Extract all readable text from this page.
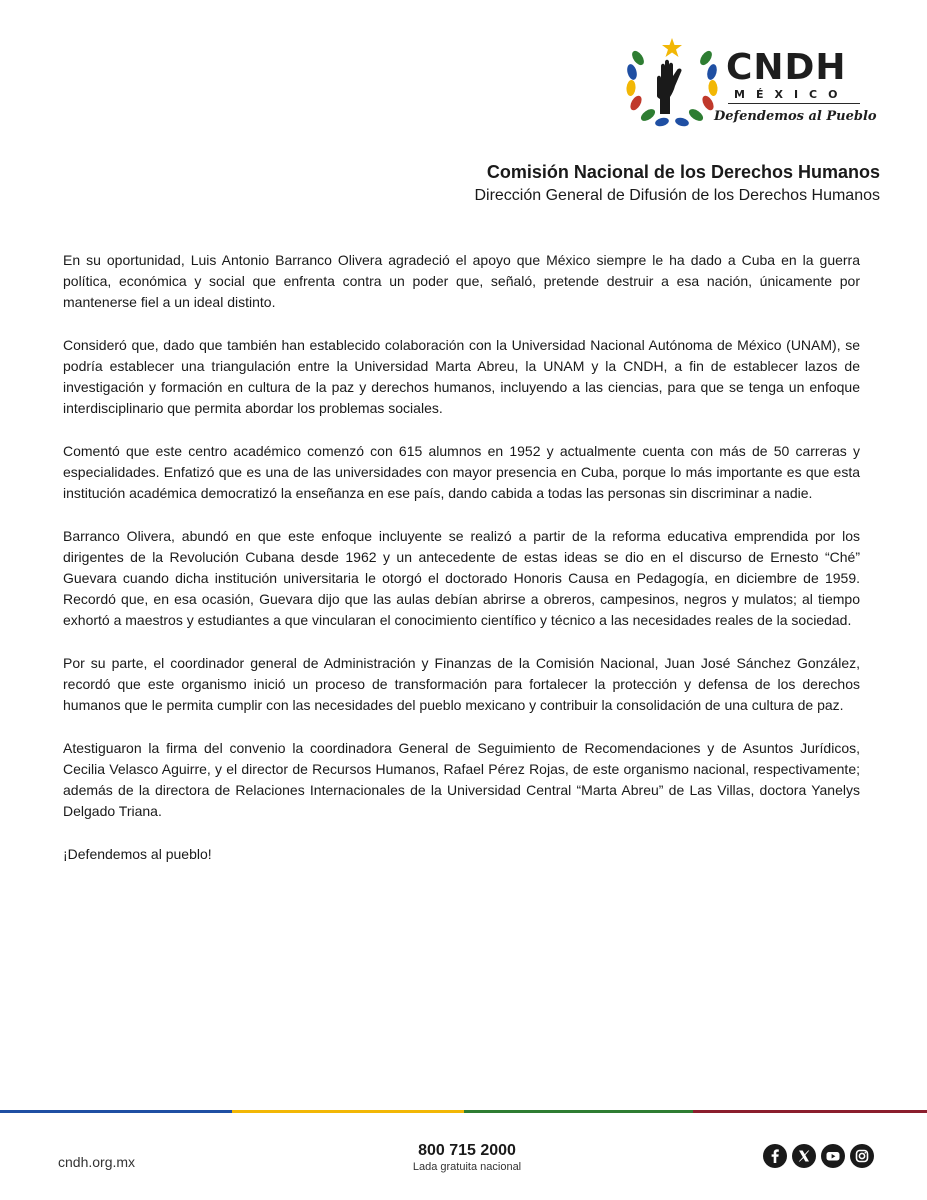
CNDH
MÉXICO
Defendemos al Pueblo
Comisión Nacional de los Derechos Humanos
Dirección General de Difusión de los Derechos Humanos

En su oportunidad, Luis Antonio Barranco Olivera agradeció el apoyo que México siempre le ha dado a Cuba en la guerra política, económica y social que enfrenta contra un poder que, señaló, pretende destruir a esa nación, únicamente por mantenerse fiel a un ideal distinto.

Consideró que, dado que también han establecido colaboración con la Universidad Nacional Autónoma de México (UNAM), se podría establecer una triangulación entre la Universidad Marta Abreu, la UNAM y la CNDH, a fin de establecer lazos de investigación y formación en cultura de la paz y derechos humanos, incluyendo a las ciencias, para que se tenga un enfoque interdisciplinario que permita abordar los problemas sociales.

Comentó que este centro académico comenzó con 615 alumnos en 1952 y actualmente cuenta con más de 50 carreras y especialidades. Enfatizó que es una de las universidades con mayor presencia en Cuba, porque lo más importante es que esta institución académica democratizó la enseñanza en ese país, dando cabida a todas las personas sin discriminar a nadie.

Barranco Olivera, abundó en que este enfoque incluyente se realizó a partir de la reforma educativa emprendida por los dirigentes de la Revolución Cubana desde 1962 y un antecedente de estas ideas se dio en el discurso de Ernesto “Ché” Guevara cuando dicha institución universitaria le otorgó el doctorado Honoris Causa en Pedagogía, en diciembre de 1959. Recordó que, en esa ocasión, Guevara dijo que las aulas debían abrirse a obreros, campesinos, negros y mulatos; al tiempo exhortó a maestros y estudiantes a que vincularan el conocimiento científico y técnico a las necesidades reales de la sociedad.

Por su parte, el coordinador general de Administración y Finanzas de la Comisión Nacional, Juan José Sánchez González, recordó que este organismo inició un proceso de transformación para fortalecer la protección y defensa de los derechos humanos que le permita cumplir con las necesidades del pueblo mexicano y contribuir la consolidación de una cultura de paz.

Atestiguaron la firma del convenio la coordinadora General de Seguimiento de Recomendaciones y de Asuntos Jurídicos, Cecilia Velasco Aguirre, y el director de Recursos Humanos, Rafael Pérez Rojas, de este organismo nacional, respectivamente; además de la directora de Relaciones Internacionales de la Universidad Central “Marta Abreu” de Las Villas, doctora Yanelys Delgado Triana.

¡Defendemos al pueblo!

cndh.org.mx
800 715 2000
Lada gratuita nacional
